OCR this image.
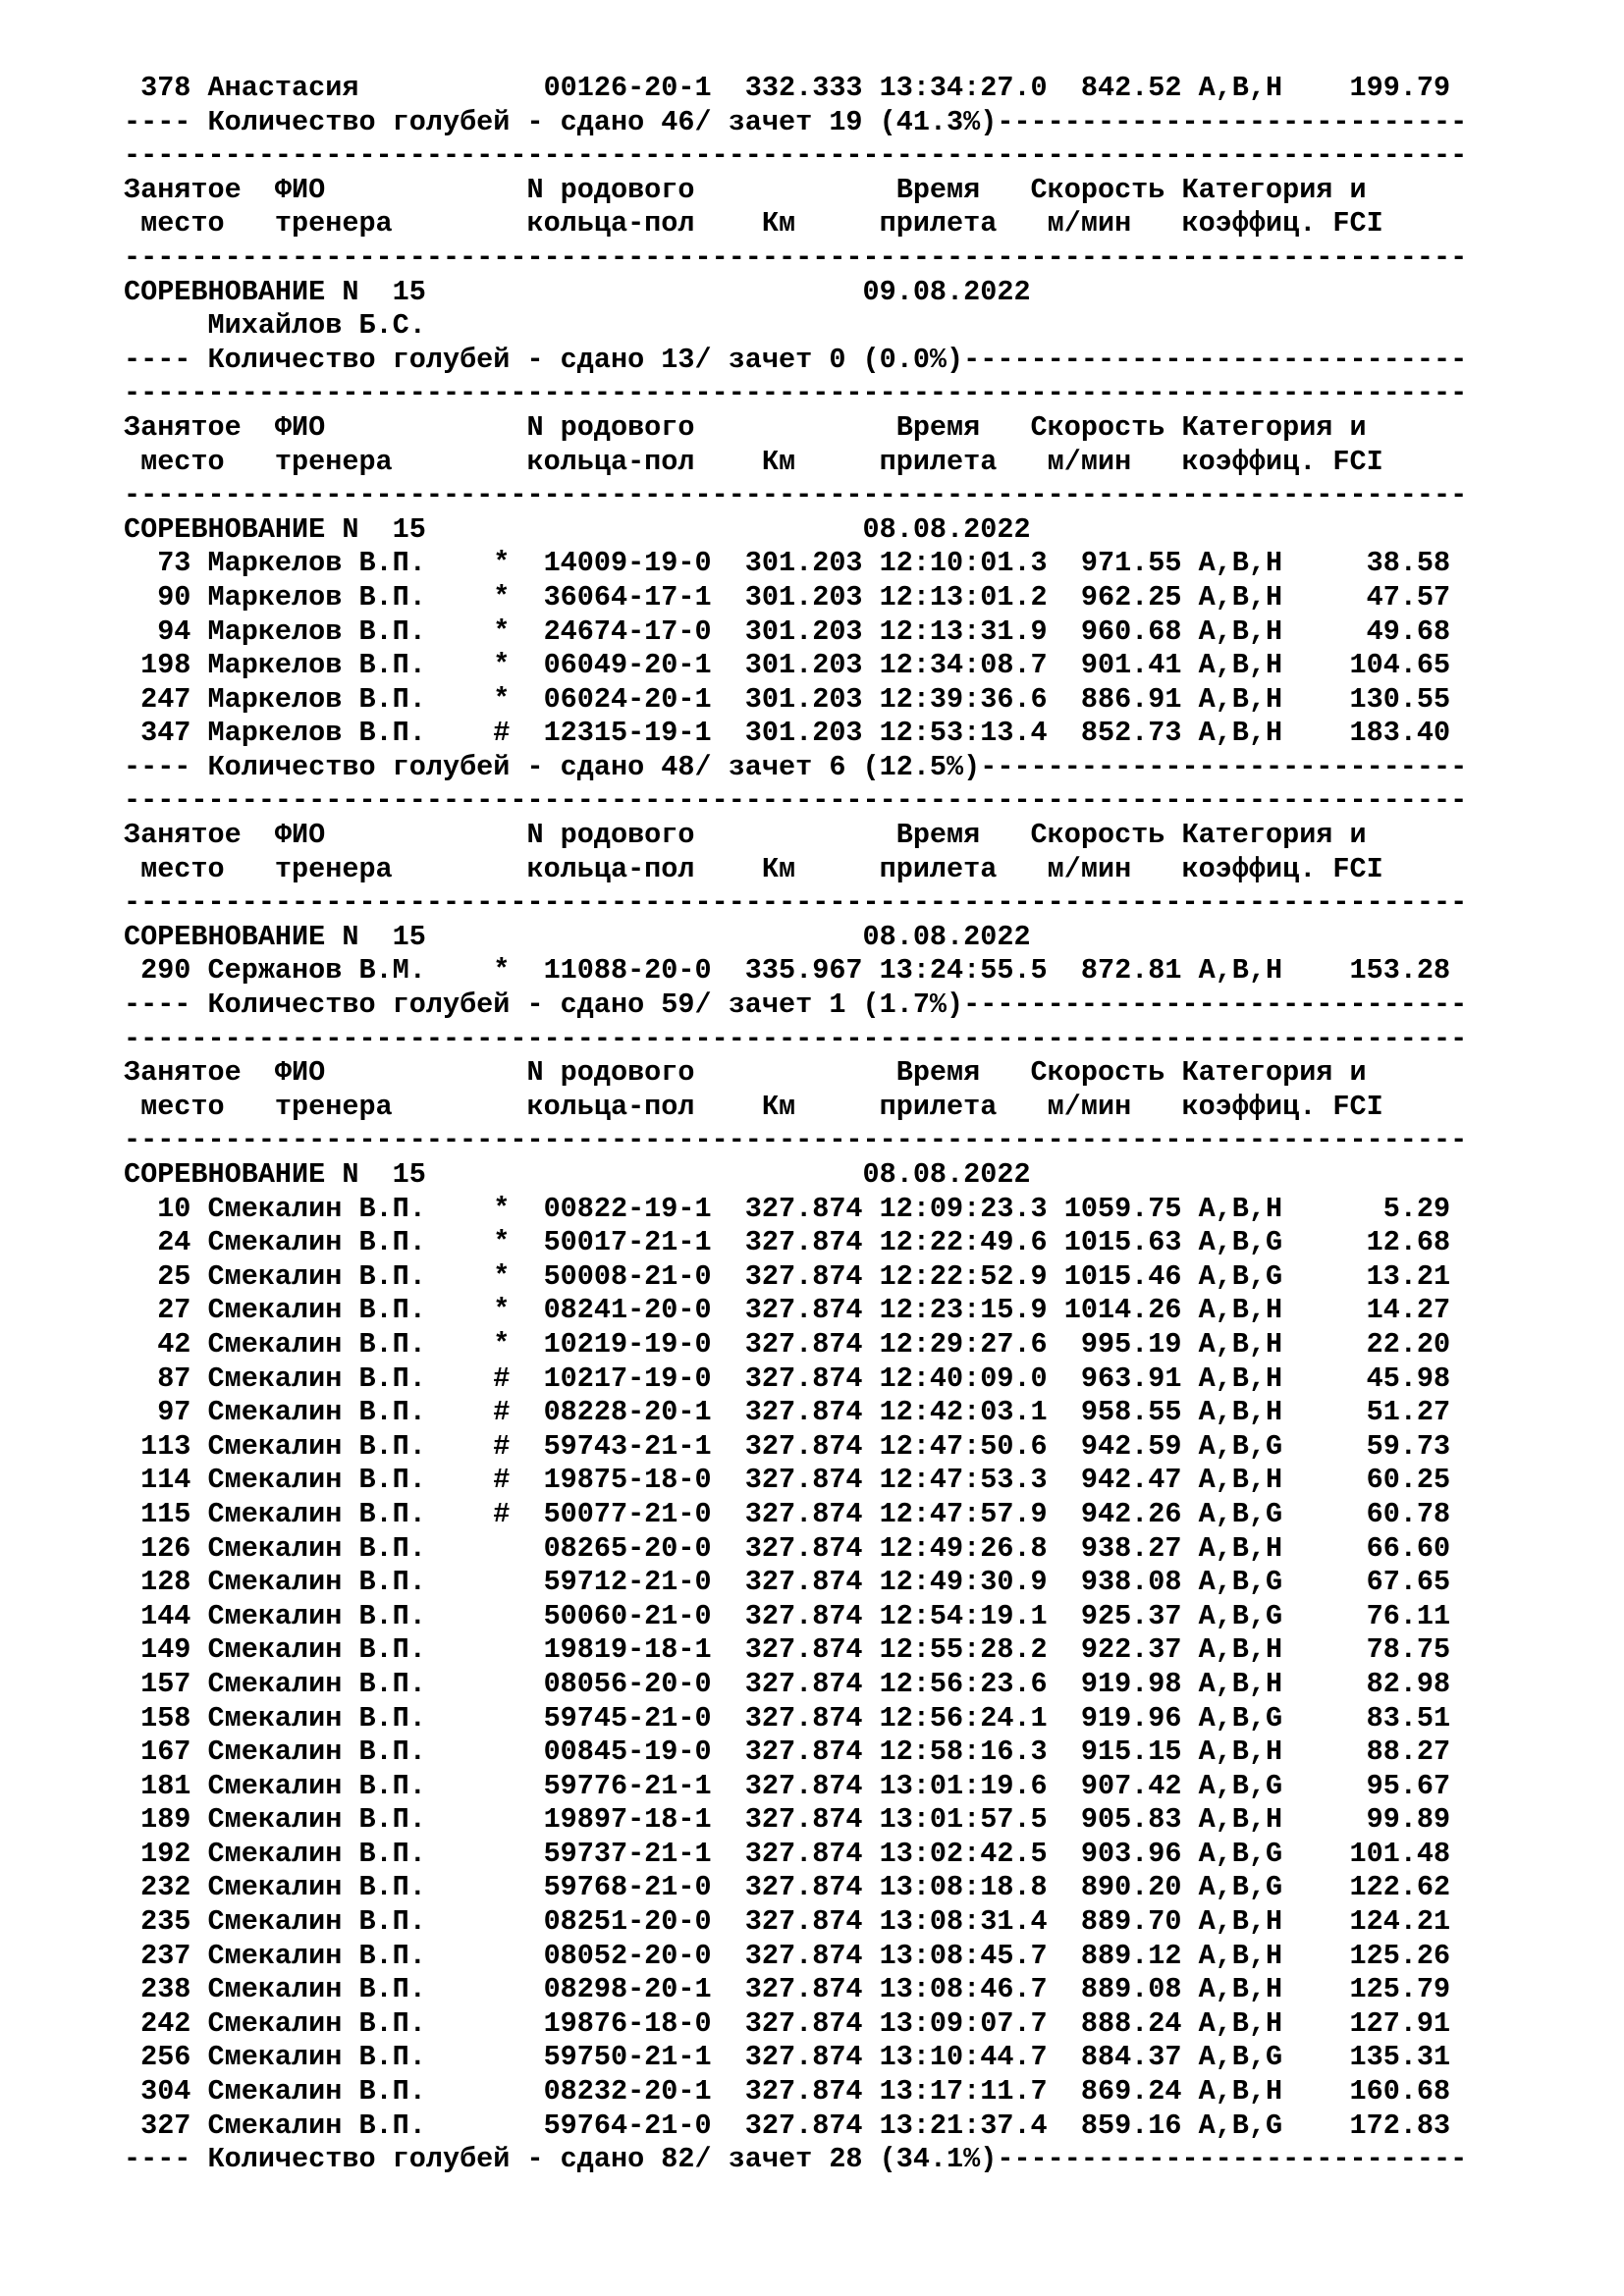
378 Анастасия           00126-20-1  332.333 13:34:27.0  842.52 A,B,H    199.79
---- Количество голубей - сдано 46/ зачет 19 (41.3%)----------------------------
--------------------------------------------------------------------------------
Занятое  ФИО            N родового            Время   Скорость Категория и
место   тренера        кольца-пол    Км     прилета   м/мин   коэффиц. FCI
--------------------------------------------------------------------------------
СОРЕВНОВАНИЕ N  15                          09.08.2022
Михайлов Б.С.
---- Количество голубей - сдано 13/ зачет 0 (0.0%)------------------------------
--------------------------------------------------------------------------------
Занятое  ФИО            N родового            Время   Скорость Категория и
место   тренера        кольца-пол    Км     прилета   м/мин   коэффиц. FCI
--------------------------------------------------------------------------------
СОРЕВНОВАНИЕ N  15                          08.08.2022
73 Маркелов В.П.    *  14009-19-0  301.203 12:10:01.3  971.55 A,B,H     38.58
90 Маркелов В.П.    *  36064-17-1  301.203 12:13:01.2  962.25 A,B,H     47.57
94 Маркелов В.П.    *  24674-17-0  301.203 12:13:31.9  960.68 A,B,H     49.68
198 Маркелов В.П.    *  06049-20-1  301.203 12:34:08.7  901.41 A,B,H    104.65
247 Маркелов В.П.    *  06024-20-1  301.203 12:39:36.6  886.91 A,B,H    130.55
347 Маркелов В.П.    #  12315-19-1  301.203 12:53:13.4  852.73 A,B,H    183.40
---- Количество голубей - сдано 48/ зачет 6 (12.5%)-----------------------------
--------------------------------------------------------------------------------
Занятое  ФИО            N родового            Время   Скорость Категория и
место   тренера        кольца-пол    Км     прилета   м/мин   коэффиц. FCI
--------------------------------------------------------------------------------
СОРЕВНОВАНИЕ N  15                          08.08.2022
290 Сержанов В.М.    *  11088-20-0  335.967 13:24:55.5  872.81 A,B,H    153.28
---- Количество голубей - сдано 59/ зачет 1 (1.7%)------------------------------
--------------------------------------------------------------------------------
Занятое  ФИО            N родового            Время   Скорость Категория и
место   тренера        кольца-пол    Км     прилета   м/мин   коэффиц. FCI
--------------------------------------------------------------------------------
СОРЕВНОВАНИЕ N  15                          08.08.2022
10 Смекалин В.П.    *  00822-19-1  327.874 12:09:23.3 1059.75 A,B,H      5.29
24 Смекалин В.П.    *  50017-21-1  327.874 12:22:49.6 1015.63 A,B,G     12.68
25 Смекалин В.П.    *  50008-21-0  327.874 12:22:52.9 1015.46 A,B,G     13.21
27 Смекалин В.П.    *  08241-20-0  327.874 12:23:15.9 1014.26 A,B,H     14.27
42 Смекалин В.П.    *  10219-19-0  327.874 12:29:27.6  995.19 A,B,H     22.20
87 Смекалин В.П.    #  10217-19-0  327.874 12:40:09.0  963.91 A,B,H     45.98
97 Смекалин В.П.    #  08228-20-1  327.874 12:42:03.1  958.55 A,B,H     51.27
113 Смекалин В.П.    #  59743-21-1  327.874 12:47:50.6  942.59 A,B,G     59.73
114 Смекалин В.П.    #  19875-18-0  327.874 12:47:53.3  942.47 A,B,H     60.25
115 Смекалин В.П.    #  50077-21-0  327.874 12:47:57.9  942.26 A,B,G     60.78
126 Смекалин В.П.       08265-20-0  327.874 12:49:26.8  938.27 A,B,H     66.60
128 Смекалин В.П.       59712-21-0  327.874 12:49:30.9  938.08 A,B,G     67.65
144 Смекалин В.П.       50060-21-0  327.874 12:54:19.1  925.37 A,B,G     76.11
149 Смекалин В.П.       19819-18-1  327.874 12:55:28.2  922.37 A,B,H     78.75
157 Смекалин В.П.       08056-20-0  327.874 12:56:23.6  919.98 A,B,H     82.98
158 Смекалин В.П.       59745-21-0  327.874 12:56:24.1  919.96 A,B,G     83.51
167 Смекалин В.П.       00845-19-0  327.874 12:58:16.3  915.15 A,B,H     88.27
181 Смекалин В.П.       59776-21-1  327.874 13:01:19.6  907.42 A,B,G     95.67
189 Смекалин В.П.       19897-18-1  327.874 13:01:57.5  905.83 A,B,H     99.89
192 Смекалин В.П.       59737-21-1  327.874 13:02:42.5  903.96 A,B,G    101.48
232 Смекалин В.П.       59768-21-0  327.874 13:08:18.8  890.20 A,B,G    122.62
235 Смекалин В.П.       08251-20-0  327.874 13:08:31.4  889.70 A,B,H    124.21
237 Смекалин В.П.       08052-20-0  327.874 13:08:45.7  889.12 A,B,H    125.26
238 Смекалин В.П.       08298-20-1  327.874 13:08:46.7  889.08 A,B,H    125.79
242 Смекалин В.П.       19876-18-0  327.874 13:09:07.7  888.24 A,B,H    127.91
256 Смекалин В.П.       59750-21-1  327.874 13:10:44.7  884.37 A,B,G    135.31
304 Смекалин В.П.       08232-20-1  327.874 13:17:11.7  869.24 A,B,H    160.68
327 Смекалин В.П.       59764-21-0  327.874 13:21:37.4  859.16 A,B,G    172.83
---- Количество голубей - сдано 82/ зачет 28 (34.1%)----------------------------
